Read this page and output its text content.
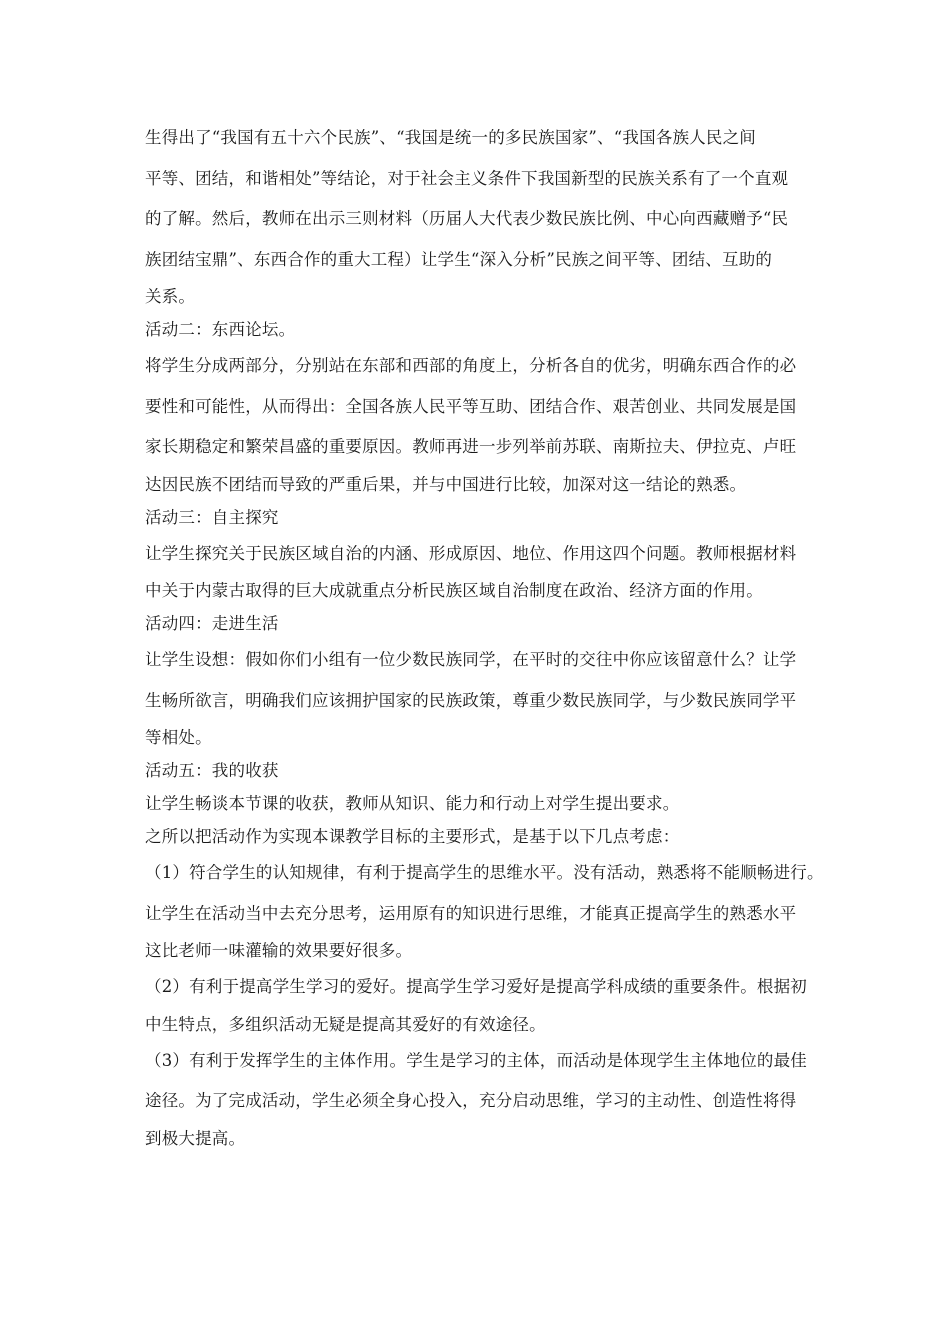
生得出了“我国有五十六个民族”、“我国是统一的多民族国家”、“我国各族人民之间
平等、团结，和谐相处”等结论，对于社会主义条件下我国新型的民族关系有了一个直观
的了解。然后，教师在出示三则材料（历届人大代表少数民族比例、中心向西藏赠予“民
族团结宝鼎”、东西合作的重大工程）让学生“深入分析”民族之间平等、团结、互助的
关系。
活动二：东西论坛。
将学生分成两部分，分别站在东部和西部的角度上，分析各自的优劣，明确东西合作的必
要性和可能性，从而得出：全国各族人民平等互助、团结合作、艰苦创业、共同发展是国
家长期稳定和繁荣昌盛的重要原因。教师再进一步列举前苏联、南斯拉夫、伊拉克、卢旺
达因民族不团结而导致的严重后果，并与中国进行比较，加深对这一结论的熟悉。
活动三：自主探究
让学生探究关于民族区域自治的内涵、形成原因、地位、作用这四个问题。教师根据材料
中关于内蒙古取得的巨大成就重点分析民族区域自治制度在政治、经济方面的作用。
活动四：走进生活
让学生设想：假如你们小组有一位少数民族同学，在平时的交往中你应该留意什么？让学
生畅所欲言，明确我们应该拥护国家的民族政策，尊重少数民族同学，与少数民族同学平
等相处。
活动五：我的收获
让学生畅谈本节课的收获，教师从知识、能力和行动上对学生提出要求。
之所以把活动作为实现本课教学目标的主要形式，是基于以下几点考虑：
（1）符合学生的认知规律，有利于提高学生的思维水平。没有活动，熟悉将不能顺畅进行。
让学生在活动当中去充分思考，运用原有的知识进行思维，才能真正提高学生的熟悉水平
这比老师一味灌输的效果要好很多。
（2）有利于提高学生学习的爱好。提高学生学习爱好是提高学科成绩的重要条件。根据初
中生特点，多组织活动无疑是提高其爱好的有效途径。
（3）有利于发挥学生的主体作用。学生是学习的主体，而活动是体现学生主体地位的最佳
途径。为了完成活动，学生必须全身心投入，充分启动思维，学习的主动性、创造性将得
到极大提高。
